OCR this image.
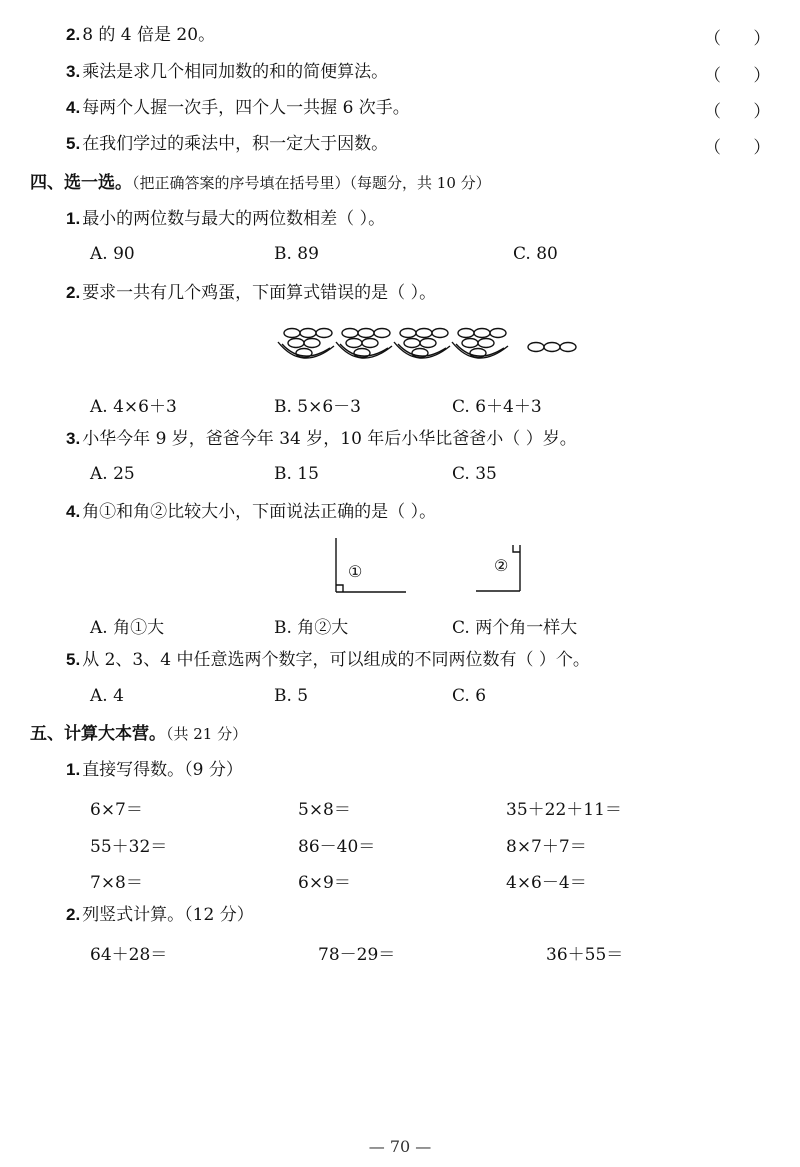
2. 8 的 4 倍是 20。	（      ）
3. 乘法是求几个相同加数的和的简便算法。	（      ）
4. 每两个人握一次手，四个人一共握 6 次手。	（      ）
5. 在我们学过的乘法中，积一定大于因数。	（      ）
四、选一选。（把正确答案的序号填在括号里）（每题分，共 10 分）
1. 最小的两位数与最大的两位数相差（ ）。
A. 90	B. 89	C. 80
2. 要求一共有几个鸡蛋，下面算式错误的是（ ）。
A. 4×6＋3	B. 5×6－3	C. 6＋4＋3
3. 小华今年 9 岁，爸爸今年 34 岁，10 年后小华比爸爸小（ ）岁。
A. 25	B. 15	C. 35
4. 角①和角②比较大小，下面说法正确的是（ ）。
①	②
A. 角①大	B. 角②大	C. 两个角一样大
5. 从 2、3、4 中任意选两个数字，可以组成的不同两位数有（ ）个。
A. 4	B. 5	C. 6
五、计算大本营。（共 21 分）
1. 直接写得数。（9 分）
6×7＝	5×8＝	35＋22＋11＝
55＋32＝	86－40＝	8×7＋7＝
7×8＝	6×9＝	4×6－4＝
2. 列竖式计算。（12 分）
64＋28＝	78－29＝	36＋55＝
— 70 —
